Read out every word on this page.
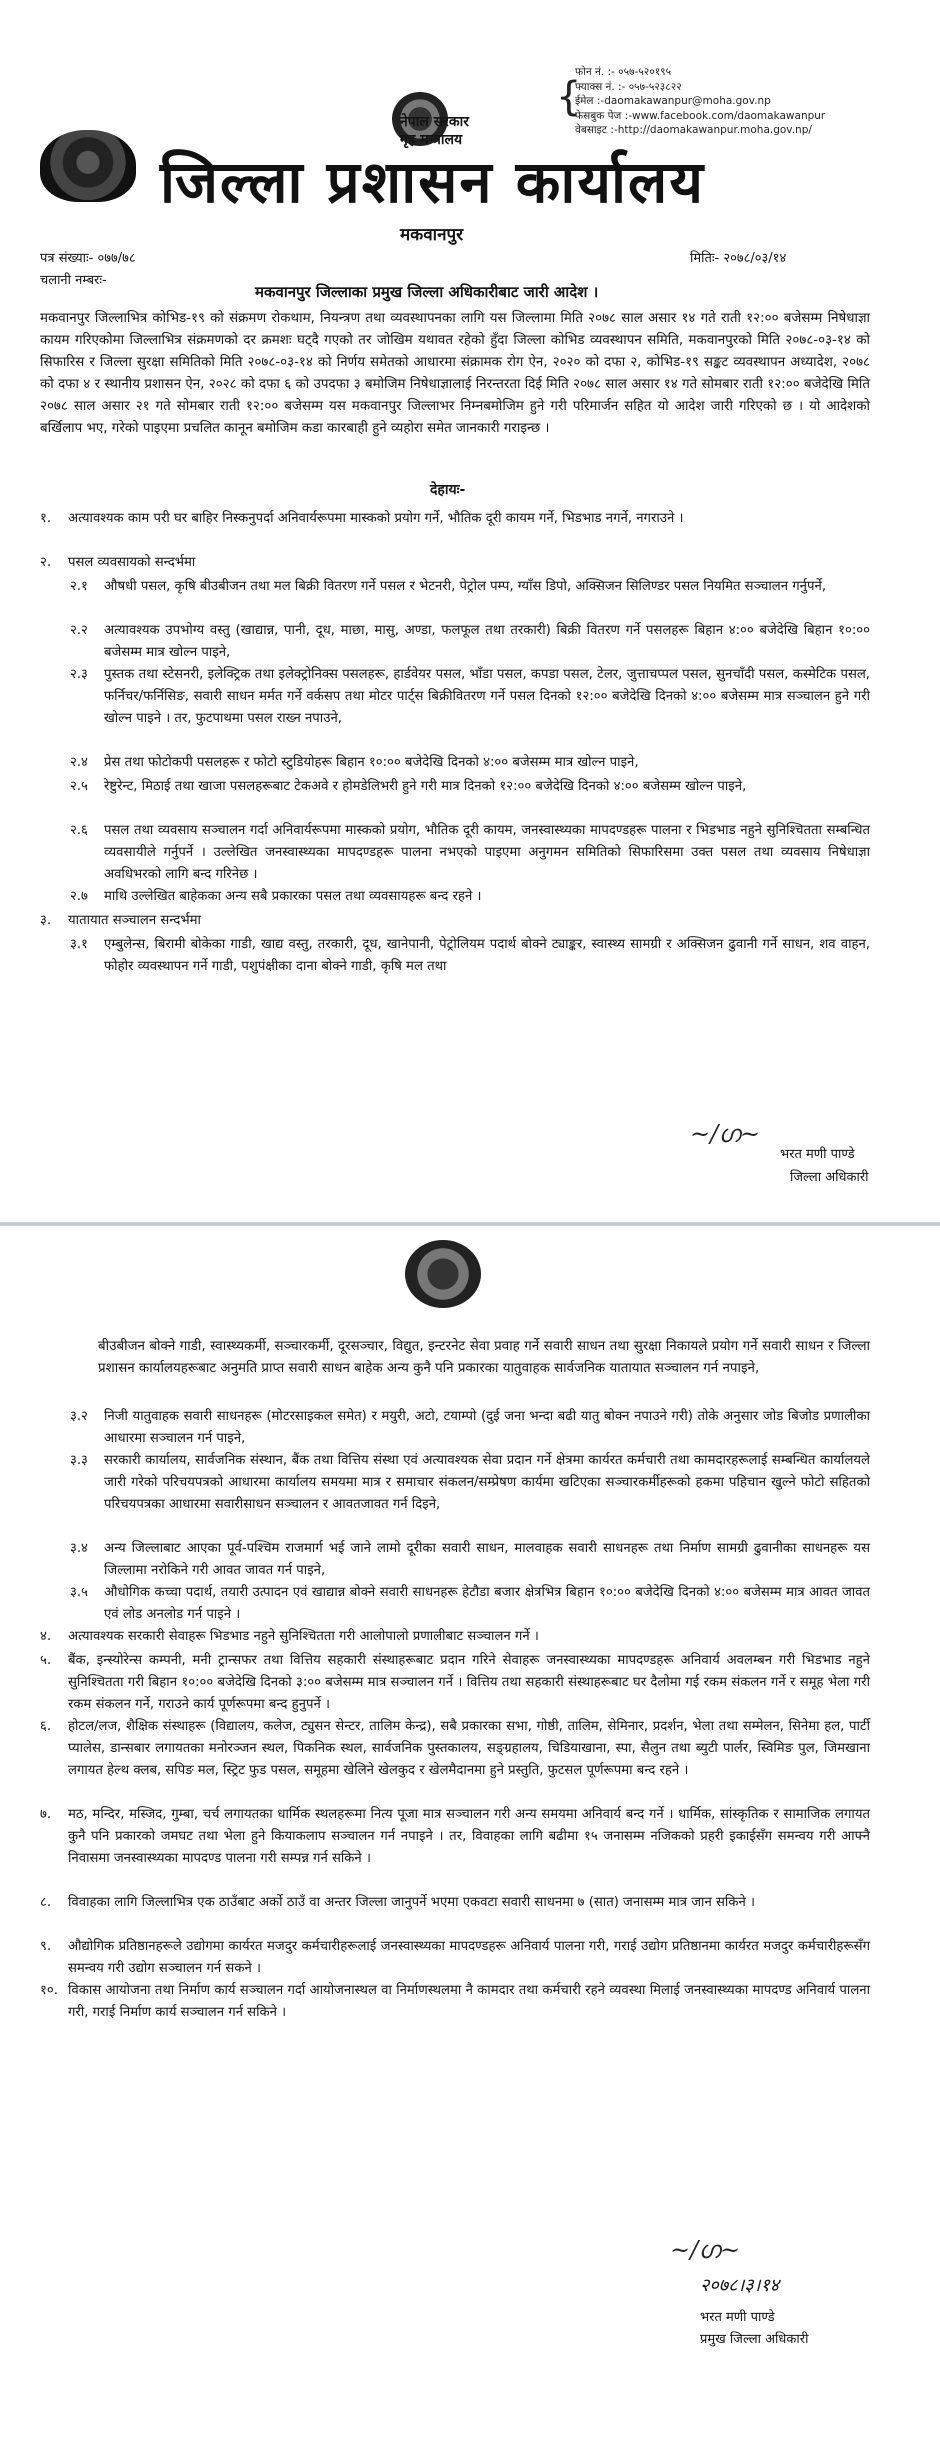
{
फोन नं. :- ०५७-५२०१९५
फ्याक्स नं. :- ०५७-५२३८२२
ईमेल :-daomakawanpur@moha.gov.np
फेसबुक पेज :-www.facebook.com/daomakawanpur
वेबसाइट :-http://daomakawanpur.moha.gov.np/
नेपाल सरकार
गृह मन्त्रालय
जिल्ला प्रशासन कार्यालय
मकवानपुर
पत्र संख्याः- ०७७/७८
चलानी नम्बरः-
मितिः- २०७८/०३/१४
मकवानपुर जिल्लाका प्रमुख जिल्ला अधिकारीबाट जारी आदेश ।
मकवानपुर जिल्लाभित्र कोभिड-१९ को संक्रमण रोकथाम, नियन्त्रण तथा व्यवस्थापनका लागि यस जिल्लामा मिति २०७८ साल असार १४ गते राती १२:०० बजेसम्म निषेधाज्ञा कायम गरिएकोमा जिल्लाभित्र संक्रमणको दर क्रमशः घट्दै गएको तर जोखिम यथावत रहेको हुँदा जिल्ला कोभिड व्यवस्थापन समिति, मकवानपुरको मिति २०७८-०३-१४ को सिफारिस र जिल्ला सुरक्षा समितिको मिति २०७८-०३-१४ को निर्णय समेतको आधारमा संक्रामक रोग ऐन, २०२० को दफा २, कोभिड-१९ सङ्कट व्यवस्थापन अध्यादेश, २०७८ को दफा ४ र स्थानीय प्रशासन ऐन, २०२८ को दफा ६ को उपदफा ३ बमोजिम निषेधाज्ञालाई निरन्तरता दिई मिति २०७८ साल असार १४ गते सोमबार राती १२:०० बजेदेखि मिति २०७८ साल असार २१ गते सोमबार राती १२:०० बजेसम्म यस मकवानपुर जिल्लाभर निम्नबमोजिम हुने गरी परिमार्जन सहित यो आदेश जारी गरिएको छ । यो आदेशको बर्खिलाप भए, गरेको पाइएमा प्रचलित कानून बमोजिम कडा कारबाही हुने व्यहोरा समेत जानकारी गराइन्छ ।
देहायः-
१. अत्यावश्यक काम परी घर बाहिर निस्कनुपर्दा अनिवार्यरूपमा मास्कको प्रयोग गर्ने, भौतिक दूरी कायम गर्ने, भिडभाड नगर्ने, नगराउने ।
२. पसल व्यवसायको सन्दर्भमा
२.१ औषधी पसल, कृषि बीउबीजन तथा मल बिक्री वितरण गर्ने पसल र भेटनरी, पेट्रोल पम्प, ग्याँस डिपो, अक्सिजन सिलिण्डर पसल नियमित सञ्चालन गर्नुपर्ने,
२.२ अत्यावश्यक उपभोग्य वस्तु (खाद्यान्न, पानी, दूध, माछा, मासु, अण्डा, फलफूल तथा तरकारी) बिक्री वितरण गर्ने पसलहरू बिहान ४:०० बजेदेखि बिहान १०:०० बजेसम्म मात्र खोल्न पाइने,
२.३ पुस्तक तथा स्टेसनरी, इलेक्ट्रिक तथा इलेक्ट्रोनिक्स पसलहरू, हार्डवेयर पसल, भाँडा पसल, कपडा पसल, टेलर, जुत्ताचप्पल पसल, सुनचाँदी पसल, कस्मेटिक पसल, फर्निचर/फर्निसिङ, सवारी साधन मर्मत गर्ने वर्कसप तथा मोटर पार्ट्स बिक्रीवितरण गर्ने पसल दिनको १२:०० बजेदेखि दिनको ४:०० बजेसम्म मात्र सञ्चालन हुने गरी खोल्न पाइने । तर, फुटपाथमा पसल राख्न नपाउने,
२.४ प्रेस तथा फोटोकपी पसलहरू र फोटो स्टुडियोहरू बिहान १०:०० बजेदेखि दिनको ४:०० बजेसम्म मात्र खोल्न पाइने,
२.५ रेष्टुरेन्ट, मिठाई तथा खाजा पसलहरूबाट टेकअवे र होमडेलिभरी हुने गरी मात्र दिनको १२:०० बजेदेखि दिनको ४:०० बजेसम्म खोल्न पाइने,
२.६ पसल तथा व्यवसाय सञ्चालन गर्दा अनिवार्यरूपमा मास्कको प्रयोग, भौतिक दूरी कायम, जनस्वास्थ्यका मापदण्डहरू पालना र भिडभाड नहुने सुनिश्चितता सम्बन्धित व्यवसायीले गर्नुपर्ने । उल्लेखित जनस्वास्थ्यका मापदण्डहरू पालना नभएको पाइएमा अनुगमन समितिको सिफारिसमा उक्त पसल तथा व्यवसाय निषेधाज्ञा अवधिभरको लागि बन्द गरिनेछ ।
२.७ माथि उल्लेखित बाहेकका अन्य सबै प्रकारका पसल तथा व्यवसायहरू बन्द रहने ।
३. यातायात सञ्चालन सन्दर्भमा
३.१ एम्बुलेन्स, बिरामी बोकेका गाडी, खाद्य वस्तु, तरकारी, दूध, खानेपानी, पेट्रोलियम पदार्थ बोक्ने ट्याङ्कर, स्वास्थ्य सामग्री र अक्सिजन ढुवानी गर्ने साधन, शव वाहन, फोहोर व्यवस्थापन गर्ने गाडी, पशुपंक्षीका दाना बोक्ने गाडी, कृषि मल तथा
~/ഗ~
भरत मणी पाण्डे
जिल्ला अधिकारी
बीउबीजन बोक्ने गाडी, स्वास्थ्यकर्मी, सञ्चारकर्मी, दूरसञ्चार, विद्युत, इन्टरनेट सेवा प्रवाह गर्ने सवारी साधन तथा सुरक्षा निकायले प्रयोग गर्ने सवारी साधन र जिल्ला प्रशासन कार्यालयहरूबाट अनुमति प्राप्त सवारी साधन बाहेक अन्य कुनै पनि प्रकारका यातुवाहक सार्वजनिक यातायात सञ्चालन गर्न नपाइने,
३.२ निजी यातुवाहक सवारी साधनहरू (मोटरसाइकल समेत) र मयुरी, अटो, टयाम्पो (दुई जना भन्दा बढी यातु बोक्न नपाउने गरी) तोके अनुसार जोड बिजोड प्रणालीका आधारमा सञ्चालन गर्न पाइने,
३.३ सरकारी कार्यालय, सार्वजनिक संस्थान, बैंक तथा वित्तिय संस्था एवं अत्यावश्यक सेवा प्रदान गर्ने क्षेत्रमा कार्यरत कर्मचारी तथा कामदारहरूलाई सम्बन्धित कार्यालयले जारी गरेको परिचयपत्रको आधारमा कार्यालय समयमा मात्र र समाचार संकलन/सम्प्रेषण कार्यमा खटिएका सञ्चारकर्मीहरूको हकमा पहिचान खुल्ने फोटो सहितको परिचयपत्रका आधारमा सवारीसाधन सञ्चालन र आवतजावत गर्न दिइने,
३.४ अन्य जिल्लाबाट आएका पूर्व-पश्चिम राजमार्ग भई जाने लामो दूरीका सवारी साधन, मालवाहक सवारी साधनहरू तथा निर्माण सामग्री ढुवानीका साधनहरू यस जिल्लामा नरोकिने गरी आवत जावत गर्न पाइने,
३.५ औधोगिक कच्चा पदार्थ, तयारी उत्पादन एवं खाद्यान्न बोक्ने सवारी साधनहरू हेटौडा बजार क्षेत्रभित्र बिहान १०:०० बजेदेखि दिनको ४:०० बजेसम्म मात्र आवत जावत एवं लोड अनलोड गर्न पाइने ।
४. अत्यावश्यक सरकारी सेवाहरू भिडभाड नहुने सुनिश्चितता गरी आलोपालो प्रणालीबाट सञ्चालन गर्ने ।
५. बैंक, इन्स्योरेन्स कम्पनी, मनी ट्रान्सफर तथा वित्तिय सहकारी संस्थाहरूबाट प्रदान गरिने सेवाहरू जनस्वास्थ्यका मापदण्डहरू अनिवार्य अवलम्बन गरी भिडभाड नहुने सुनिश्चितता गरी बिहान १०:०० बजेदेखि दिनको ३:०० बजेसम्म मात्र सञ्चालन गर्ने । वित्तिय तथा सहकारी संस्थाहरूबाट घर दैलोमा गई रकम संकलन गर्ने र समूह भेला गरी रकम संकलन गर्ने, गराउने कार्य पूर्णरूपमा बन्द हुनुपर्ने ।
६. होटल/लज, शैक्षिक संस्थाहरू (विद्यालय, कलेज, ट्युसन सेन्टर, तालिम केन्द्र), सबै प्रकारका सभा, गोष्ठी, तालिम, सेमिनार, प्रदर्शन, भेला तथा सम्मेलन, सिनेमा हल, पार्टी प्यालेस, डान्सबार लगायतका मनोरञ्जन स्थल, पिकनिक स्थल, सार्वजनिक पुस्तकालय, सङ्ग्रहालय, चिडियाखाना, स्पा, सैलुन तथा ब्युटी पार्लर, स्विमिङ पुल, जिमखाना लगायत हेल्थ क्लब, सपिङ मल, स्ट्रिट फुड पसल, समूहमा खेलिने खेलकुद र खेलमैदानमा हुने प्रस्तुति, फुटसल पूर्णरूपमा बन्द रहने ।
७. मठ, मन्दिर, मस्जिद, गुम्बा, चर्च लगायतका धार्मिक स्थलहरूमा नित्य पूजा मात्र सञ्चालन गरी अन्य समयमा अनिवार्य बन्द गर्ने । धार्मिक, सांस्कृतिक र सामाजिक लगायत कुनै पनि प्रकारको जमघट तथा भेला हुने कियाकलाप सञ्चालन गर्न नपाइने । तर, विवाहका लागि बढीमा १५ जनासम्म नजिकको प्रहरी इकाईसँग समन्वय गरी आफ्नै निवासमा जनस्वास्थ्यका मापदण्ड पालना गरी सम्पन्न गर्न सकिने ।
८. विवाहका लागि जिल्लाभित्र एक ठाउँबाट अर्को ठाउँ वा अन्तर जिल्ला जानुपर्ने भएमा एकवटा सवारी साधनमा ७ (सात) जनासम्म मात्र जान सकिने ।
९. औद्योगिक प्रतिष्ठानहरूले उद्योगमा कार्यरत मजदुर कर्मचारीहरूलाई जनस्वास्थ्यका मापदण्डहरू अनिवार्य पालना गरी, गराई उद्योग प्रतिष्ठानमा कार्यरत मजदुर कर्मचारीहरूसँग समन्वय गरी उद्योग सञ्चालन गर्न सकने ।
१०. विकास आयोजना तथा निर्माण कार्य सञ्चालन गर्दा आयोजनास्थल वा निर्माणस्थलमा नै कामदार तथा कर्मचारी रहने व्यवस्था मिलाई जनस्वास्थ्यका मापदण्ड अनिवार्य पालना गरी, गराई निर्माण कार्य सञ्चालन गर्न सकिने ।
~/ഗ~
२०७८।३।१४
भरत मणी पाण्डे
प्रमुख जिल्ला अधिकारी
